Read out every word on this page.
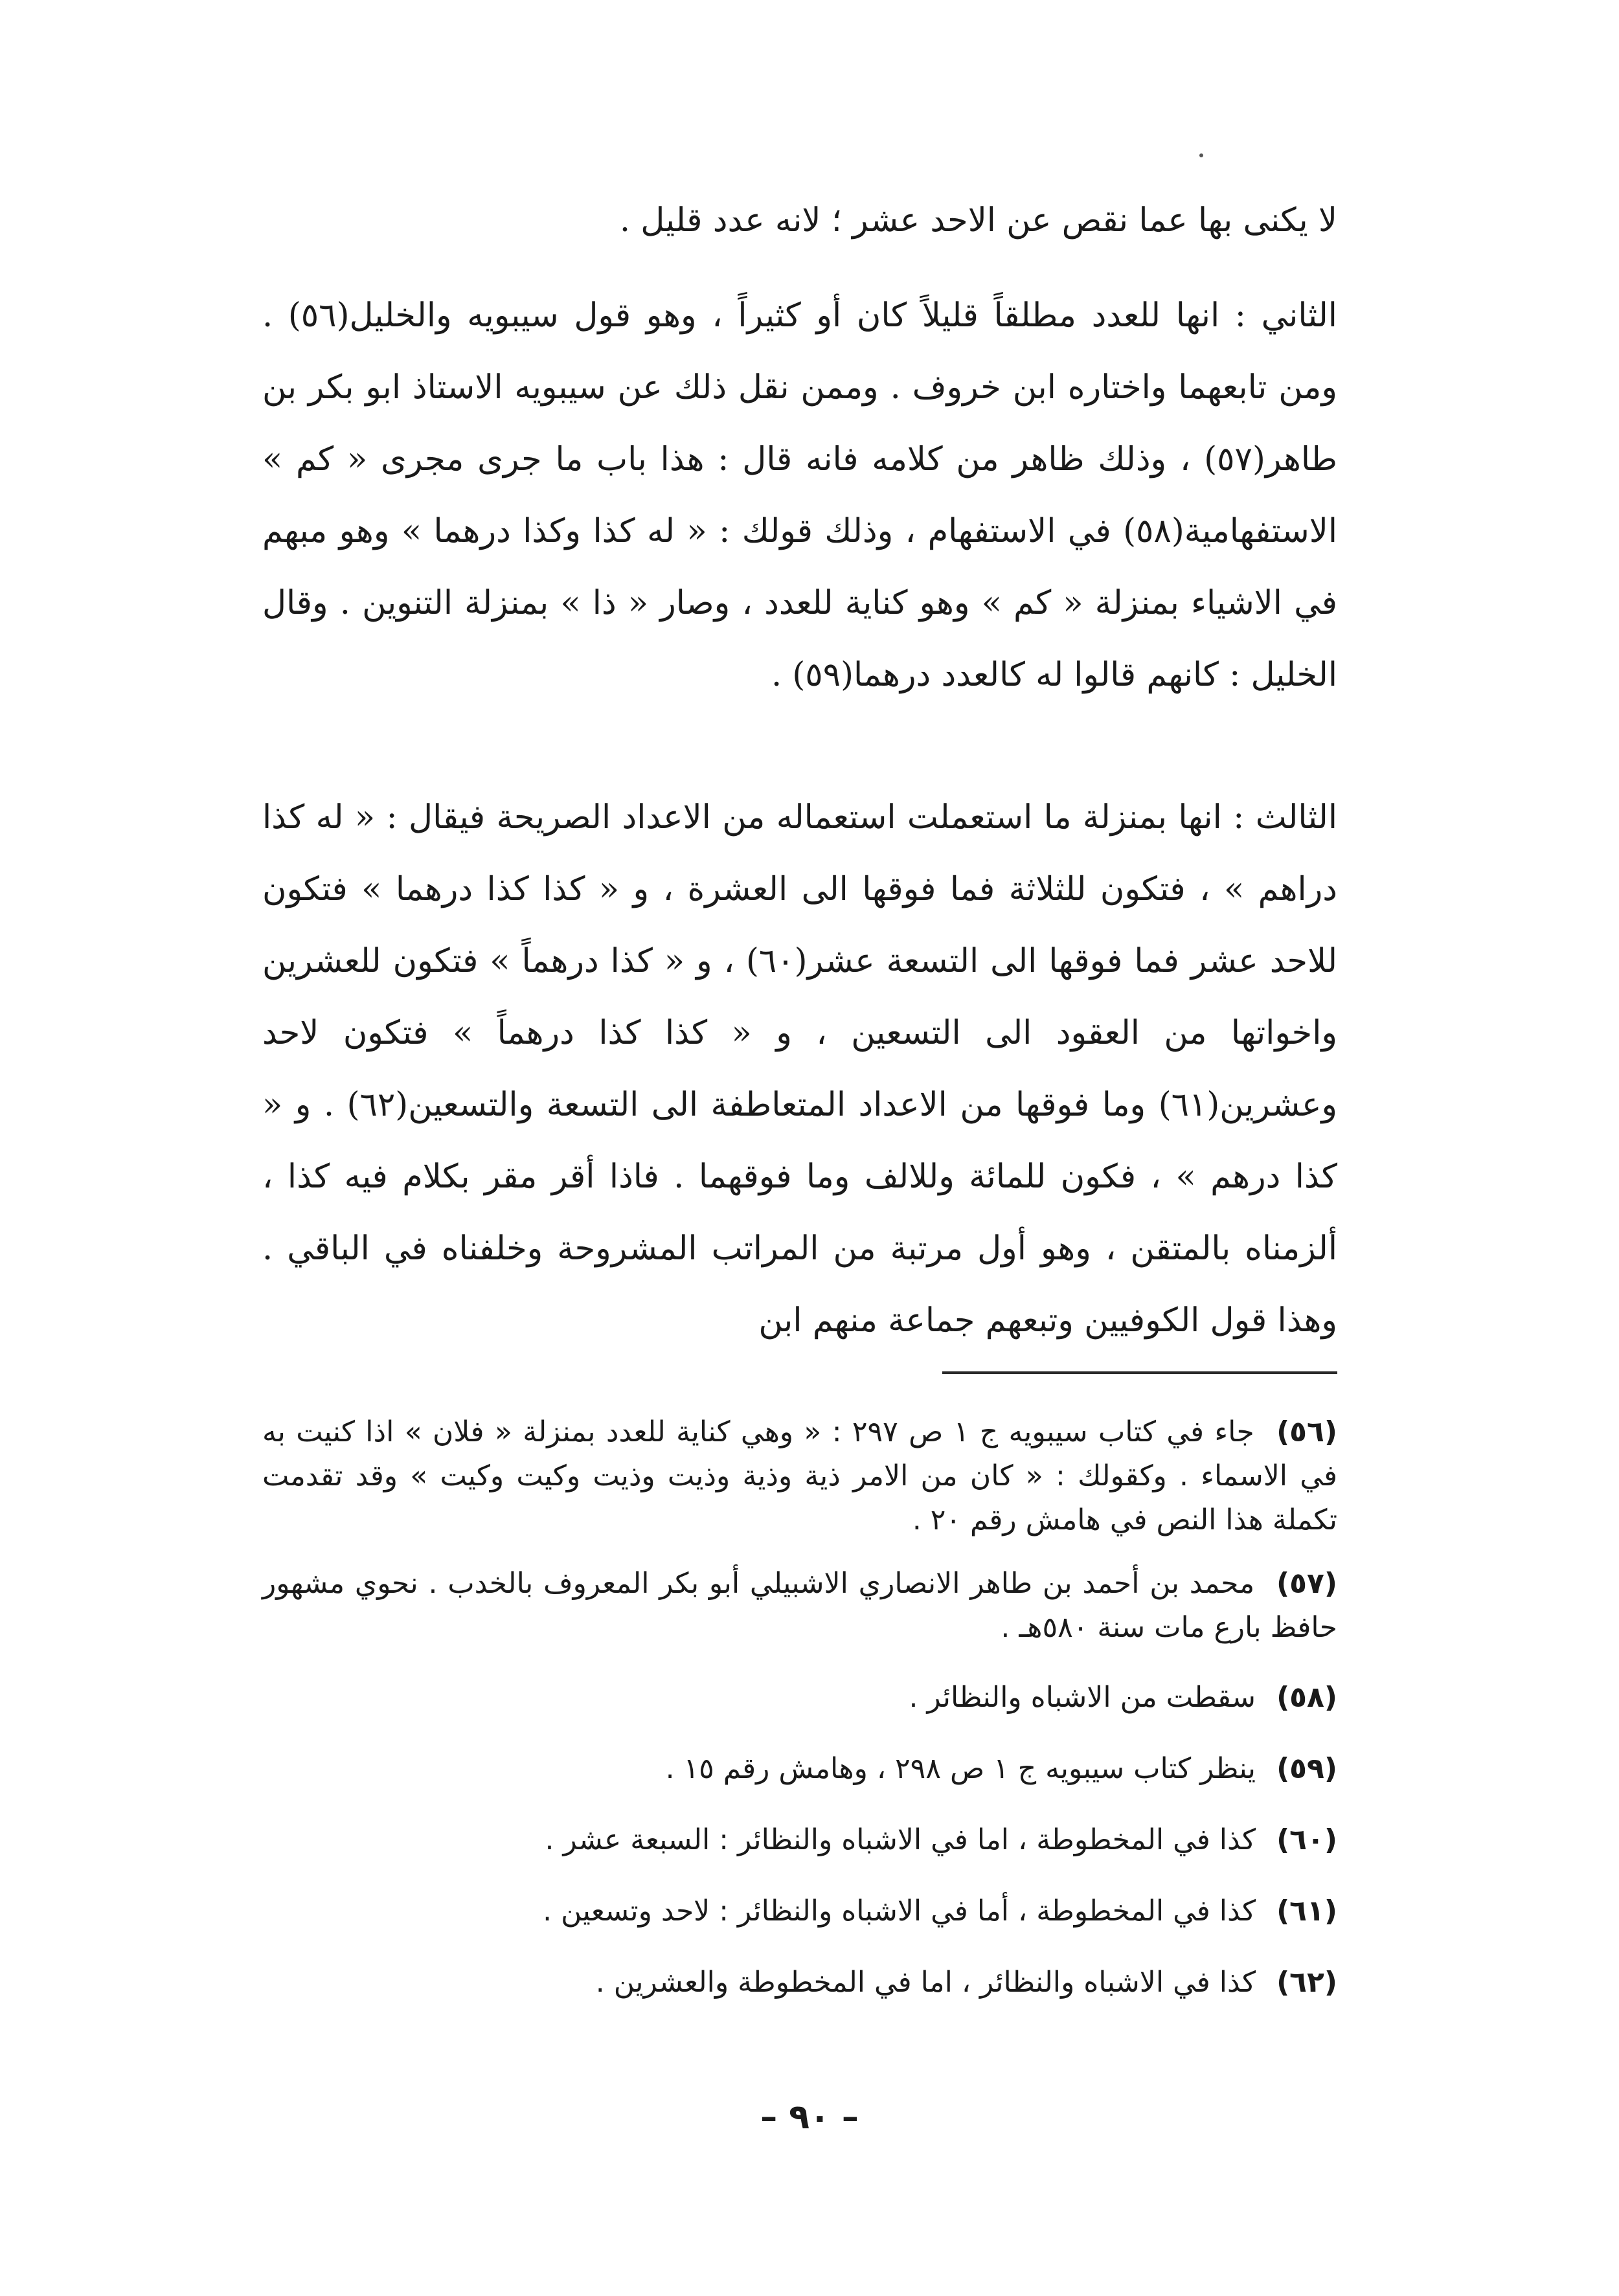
لا يكنى بها عما نقص عن الاحد عشر ؛ لانه عدد قليل .

الثاني : انها للعدد مطلقاً قليلاً كان أو كثيراً ، وهو قول سيبويه والخليل(٥٦) . ومن تابعهما واختاره ابن خروف . وممن نقل ذلك عن سيبويه الاستاذ ابو بكر بن طاهر(٥٧) ، وذلك ظاهر من كلامه فانه قال : هذا باب ما جرى مجرى « كم » الاستفهامية(٥٨) في الاستفهام ، وذلك قولك : « له كذا وكذا درهما » وهو مبهم في الاشياء بمنزلة « كم » وهو كناية للعدد ، وصار « ذا » بمنزلة التنوين . وقال الخليل : كانهم قالوا له كالعدد درهما(٥٩) .

الثالث : انها بمنزلة ما استعملت استعماله من الاعداد الصريحة فيقال : « له كذا دراهم » ، فتكون للثلاثة فما فوقها الى العشرة ، و « كذا كذا درهما » فتكون للاحد عشر فما فوقها الى التسعة عشر(٦٠) ، و « كذا درهماً » فتكون للعشرين واخواتها من العقود الى التسعين ، و « كذا كذا درهماً » فتكون لاحد وعشرين(٦١) وما فوقها من الاعداد المتعاطفة الى التسعة والتسعين(٦٢) . و « كذا درهم » ، فكون للمائة وللالف وما فوقهما . فاذا أقر مقر بكلام فيه كذا ، ألزمناه بالمتقن ، وهو أول مرتبة من المراتب المشروحة وخلفناه في الباقي . وهذا قول الكوفيين وتبعهم جماعة منهم ابن

(٥٦) جاء في كتاب سيبويه ج ١ ص ٢٩٧ : « وهي كناية للعدد بمنزلة « فلان » اذا كنيت به في الاسماء . وكقولك : « كان من الامر ذية وذية وذيت وذيت وكيت وكيت » وقد تقدمت تكملة هذا النص في هامش رقم ٢٠ .

(٥٧) محمد بن أحمد بن طاهر الانصاري الاشبيلي أبو بكر المعروف بالخدب . نحوي مشهور حافظ بارع مات سنة ٥٨٠هـ .

(٥٨) سقطت من الاشباه والنظائر .

(٥٩) ينظر كتاب سيبويه ج ١ ص ٢٩٨ ، وهامش رقم ١٥ .

(٦٠) كذا في المخطوطة ، اما في الاشباه والنظائر : السبعة عشر .

(٦١) كذا في المخطوطة ، أما في الاشباه والنظائر : لاحد وتسعين .

(٦٢) كذا في الاشباه والنظائر ، اما في المخطوطة والعشرين .

– ٩٠ –
